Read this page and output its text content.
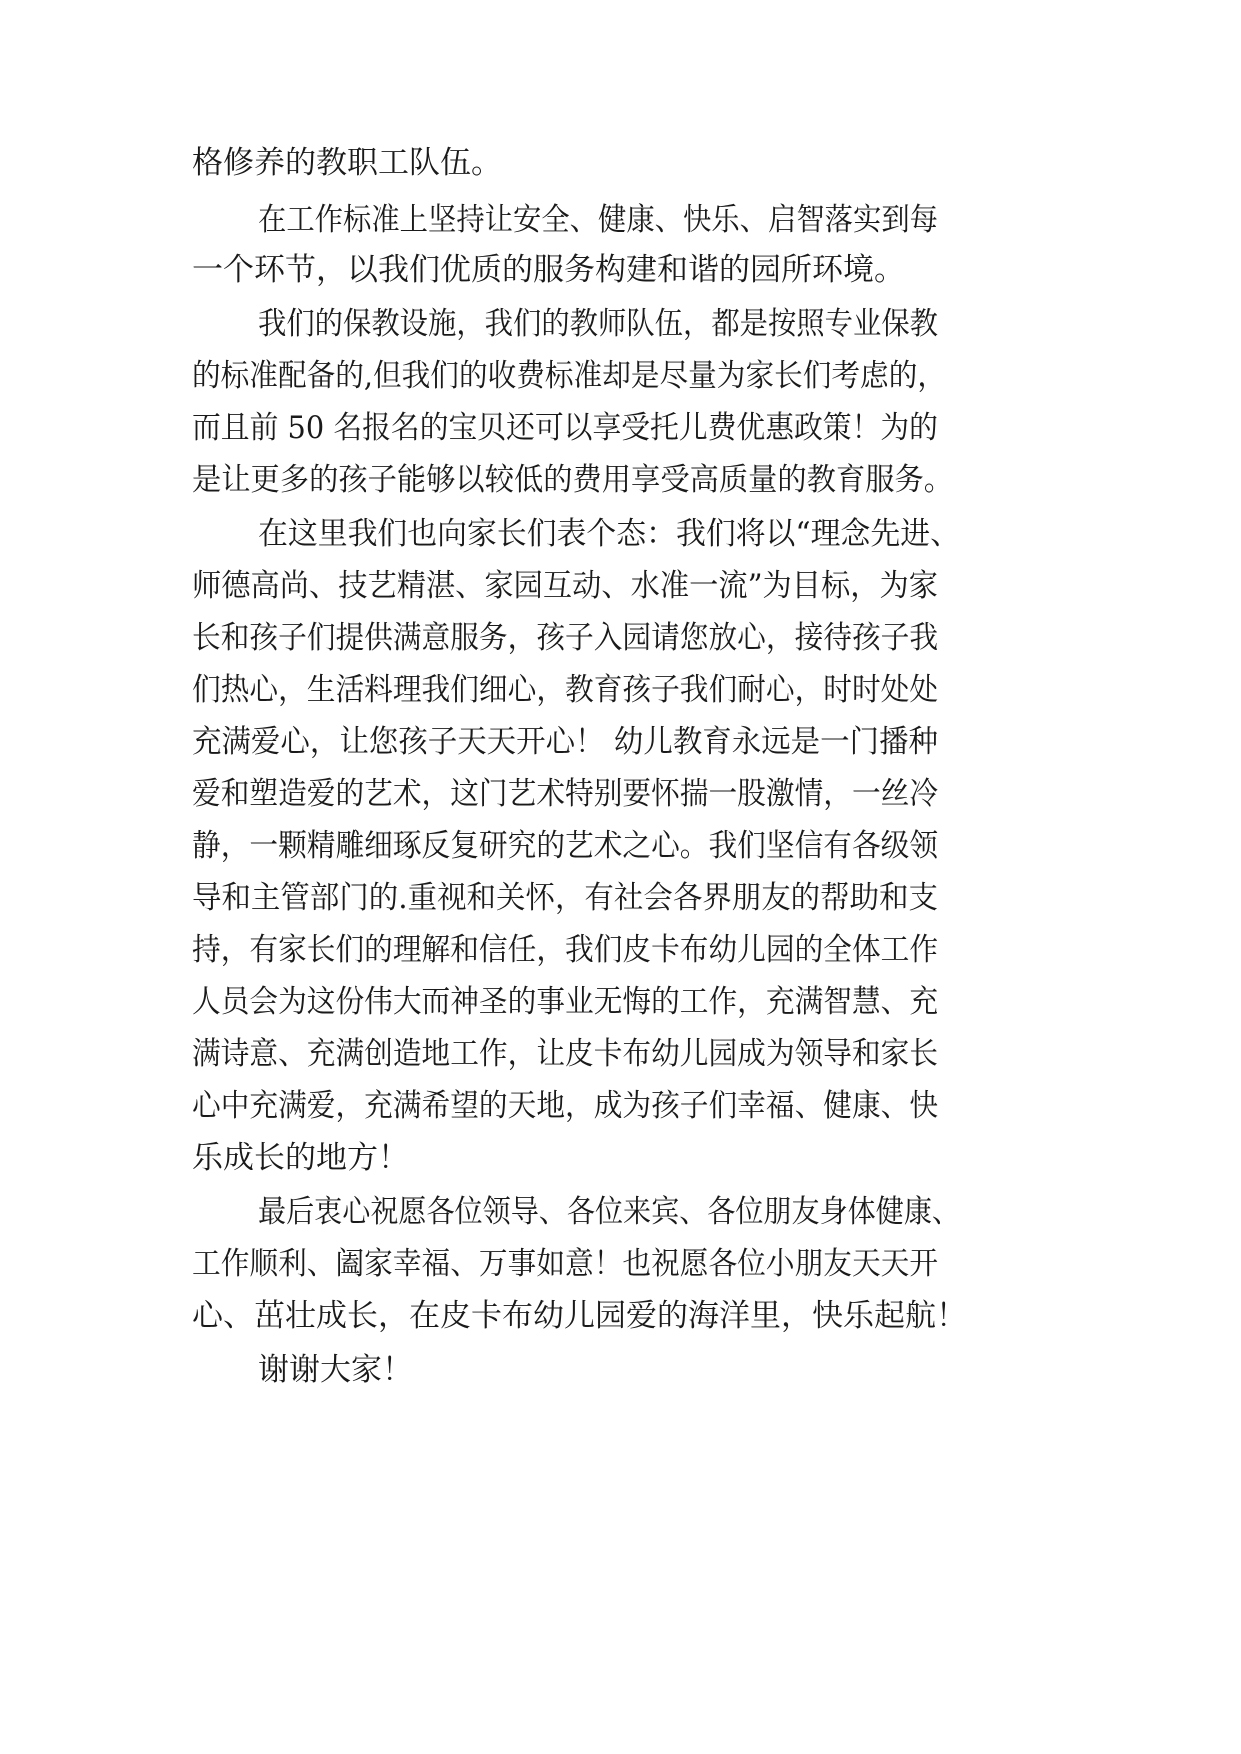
格修养的教职工队伍。
在工作标准上坚持让安全、健康、快乐、启智落实到每
一个环节，以我们优质的服务构建和谐的园所环境。
我们的保教设施，我们的教师队伍，都是按照专业保教
的标准配备的,但我们的收费标准却是尽量为家长们考虑的，
而且前 50 名报名的宝贝还可以享受托儿费优惠政策！为的
是让更多的孩子能够以较低的费用享受高质量的教育服务。
在这里我们也向家长们表个态：我们将以“理念先进、
师德高尚、技艺精湛、家园互动、水准一流”为目标，为家
长和孩子们提供满意服务，孩子入园请您放心，接待孩子我
们热心，生活料理我们细心，教育孩子我们耐心，时时处处
充满爱心，让您孩子天天开心！ 幼儿教育永远是一门播种
爱和塑造爱的艺术，这门艺术特别要怀揣一股激情，一丝冷
静，一颗精雕细琢反复研究的艺术之心。我们坚信有各级领
导和主管部门的.重视和关怀，有社会各界朋友的帮助和支
持，有家长们的理解和信任，我们皮卡布幼儿园的全体工作
人员会为这份伟大而神圣的事业无悔的工作，充满智慧、充
满诗意、充满创造地工作，让皮卡布幼儿园成为领导和家长
心中充满爱，充满希望的天地，成为孩子们幸福、健康、快
乐成长的地方！
最后衷心祝愿各位领导、各位来宾、各位朋友身体健康、
工作顺利、阖家幸福、万事如意！也祝愿各位小朋友天天开
心、茁壮成长，在皮卡布幼儿园爱的海洋里，快乐起航！
谢谢大家！
